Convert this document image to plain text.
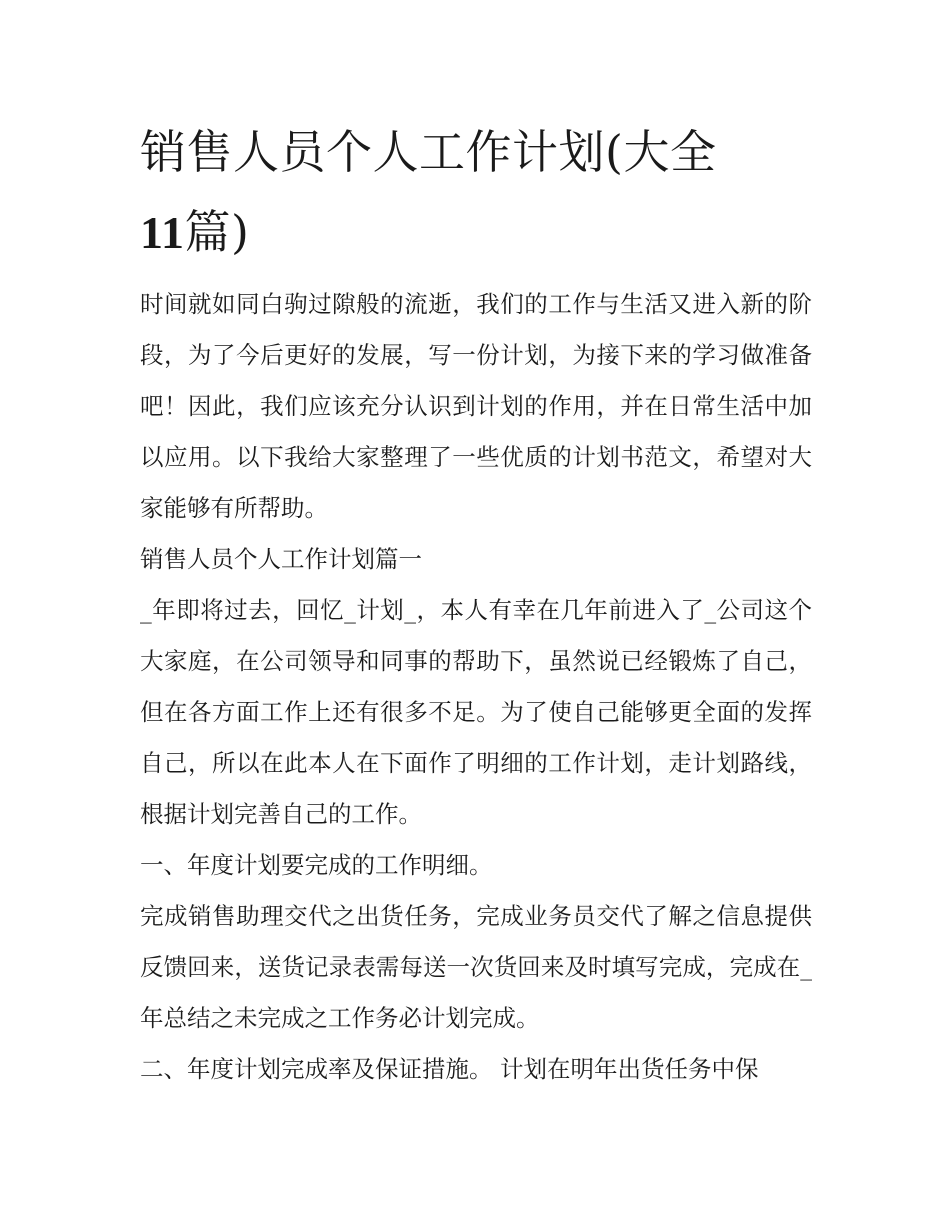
销售人员个人工作计划(大全
11篇)

时间就如同白驹过隙般的流逝，我们的工作与生活又进入新的阶段，为了今后更好的发展，写一份计划，为接下来的学习做准备吧！因此，我们应该充分认识到计划的作用，并在日常生活中加以应用。以下我给大家整理了一些优质的计划书范文，希望对大家能够有所帮助。

销售人员个人工作计划篇一

_年即将过去，回忆_计划_，本人有幸在几年前进入了_公司这个大家庭，在公司领导和同事的帮助下，虽然说已经锻炼了自己，但在各方面工作上还有很多不足。为了使自己能够更全面的发挥自己，所以在此本人在下面作了明细的工作计划，走计划路线，根据计划完善自己的工作。

一、年度计划要完成的工作明细。

完成销售助理交代之出货任务，完成业务员交代了解之信息提供反馈回来，送货记录表需每送一次货回来及时填写完成，完成在_年总结之未完成之工作务必计划完成。

二、年度计划完成率及保证措施。 计划在明年出货任务中保
